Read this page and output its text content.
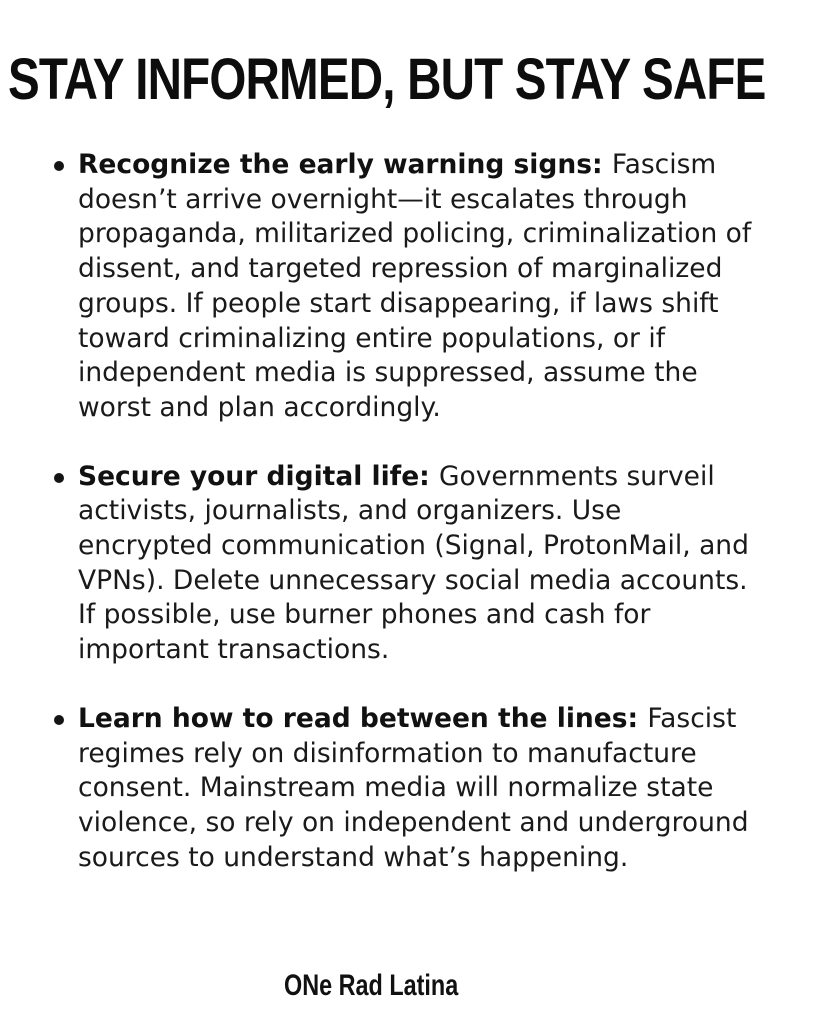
STAY INFORMED, BUT STAY SAFE
Recognize the early warning signs: Fascism doesn’t arrive overnight—it escalates through propaganda, militarized policing, criminalization of dissent, and targeted repression of marginalized groups. If people start disappearing, if laws shift toward criminalizing entire populations, or if independent media is suppressed, assume the worst and plan accordingly.
Secure your digital life: Governments surveil activists, journalists, and organizers. Use encrypted communication (Signal, ProtonMail, and VPNs). Delete unnecessary social media accounts. If possible, use burner phones and cash for important transactions.
Learn how to read between the lines: Fascist regimes rely on disinformation to manufacture consent. Mainstream media will normalize state violence, so rely on independent and underground sources to understand what’s happening.

ONe Rad Latina
